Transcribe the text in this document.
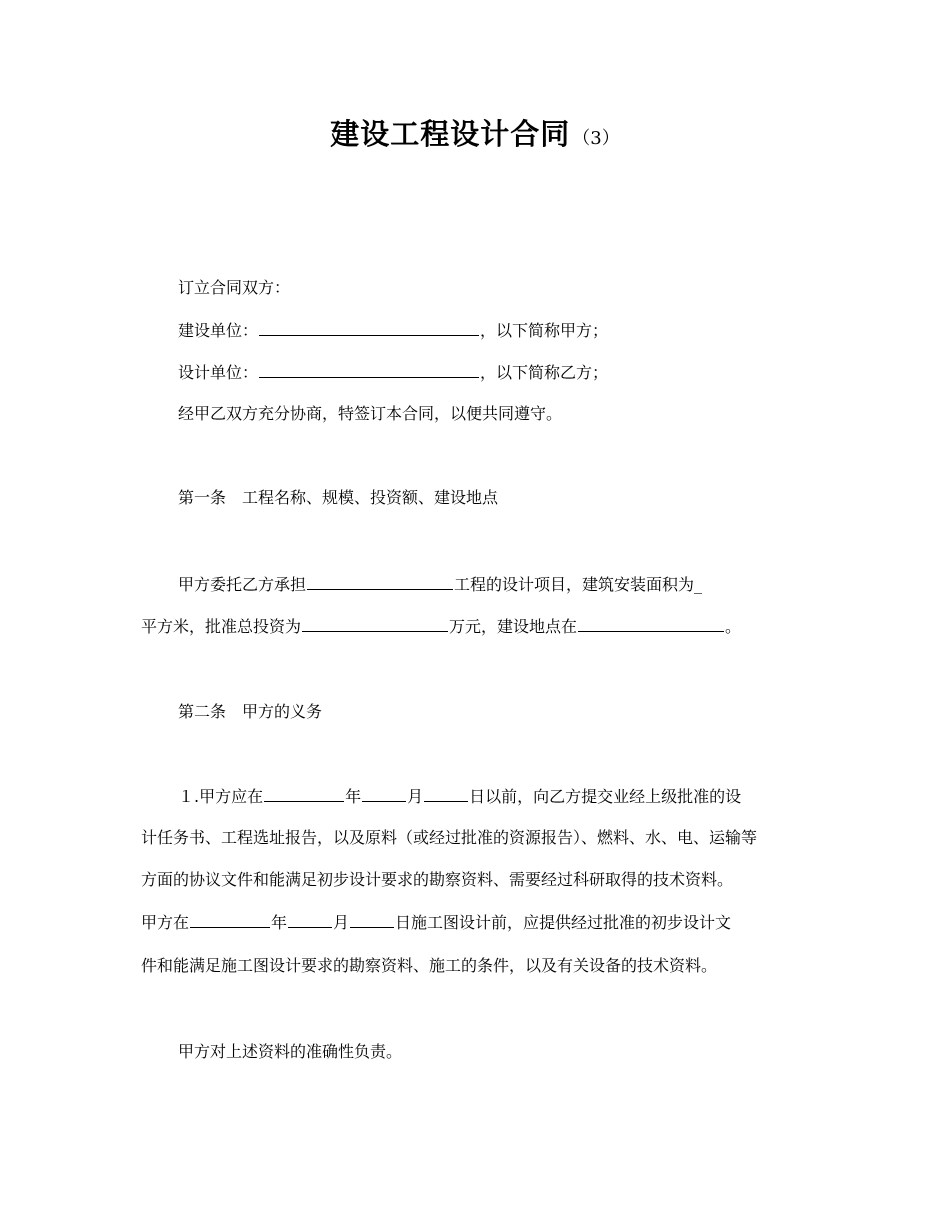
建设工程设计合同 （3）
订立合同双方：
建设单位：	，以下简称甲方；
设计单位：	，以下简称乙方；
经甲乙双方充分协商，特签订本合同，以便共同遵守。
第一条　工程名称、规模、投资额、建设地点
甲方委托乙方承担	工程的设计项目，建筑安装面积为_
平方米，批准总投资为	万元，建设地点在	。
第二条　甲方的义务
１.甲方应在	年	月	日以前，向乙方提交业经上级批准的设
计任务书、工程选址报告，以及原料（或经过批准的资源报告）、燃料、水、电、运输等
方面的协议文件和能满足初步设计要求的勘察资料、需要经过科研取得的技术资料。
甲方在	年	月	日施工图设计前，应提供经过批准的初步设计文
件和能满足施工图设计要求的勘察资料、施工的条件，以及有关设备的技术资料。
甲方对上述资料的准确性负责。
